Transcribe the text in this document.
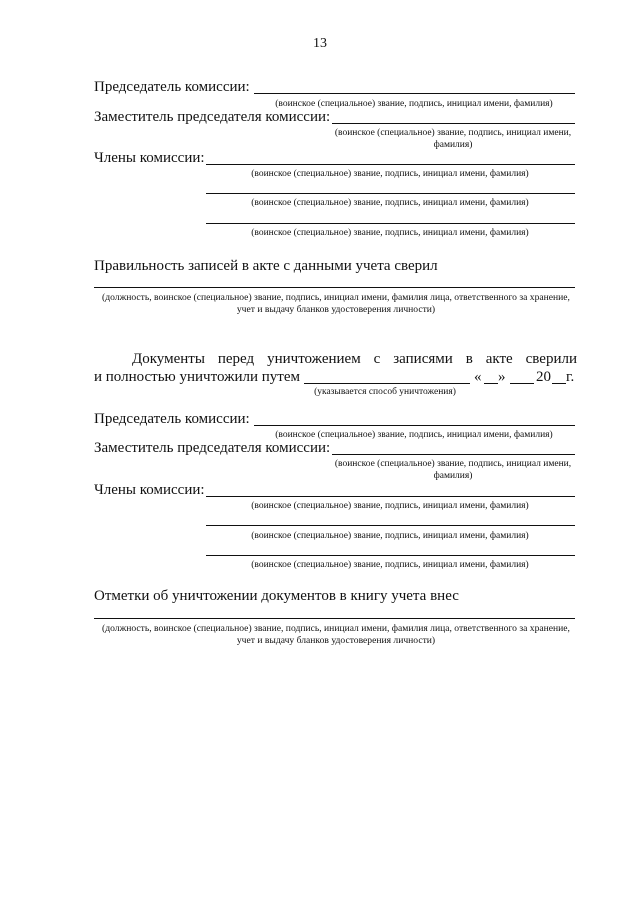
13
Председатель комиссии:
(воинское (специальное) звание, подпись, инициал имени, фамилия)
Заместитель председателя комиссии:
(воинское (специальное) звание, подпись, инициал имени, фамилия)
Члены комиссии:
(воинское (специальное) звание, подпись, инициал имени, фамилия)
(воинское (специальное) звание, подпись, инициал имени, фамилия)
(воинское (специальное) звание, подпись, инициал имени, фамилия)
Правильность записей в акте с данными учета сверил
(должность, воинское (специальное) звание, подпись, инициал имени, фамилия лица, ответственного за хранение, учет и выдачу бланков удостоверения личности)
Документы перед уничтожением с записями в акте сверили
и полностью уничтожили путем	« » 20 г.
(указывается способ уничтожения)
Председатель комиссии:
(воинское (специальное) звание, подпись, инициал имени, фамилия)
Заместитель председателя комиссии:
(воинское (специальное) звание, подпись, инициал имени, фамилия)
Члены комиссии:
(воинское (специальное) звание, подпись, инициал имени, фамилия)
(воинское (специальное) звание, подпись, инициал имени, фамилия)
(воинское (специальное) звание, подпись, инициал имени, фамилия)
Отметки об уничтожении документов в книгу учета внес
(должность, воинское (специальное) звание, подпись, инициал имени, фамилия лица, ответственного за хранение, учет и выдачу бланков удостоверения личности)
